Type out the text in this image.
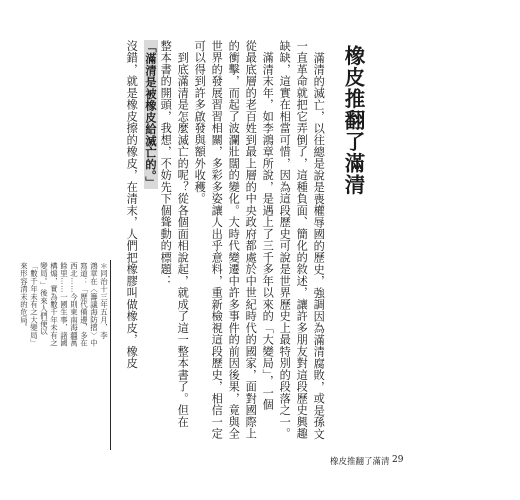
橡皮推翻了滿清
滿清的滅亡，以往總是說是喪權辱國的歷史，強調因為滿清腐敗，或是孫文
一直革命就把它弄倒了，這種負面、簡化的敘述，讓許多朋友對這段歷史興趣
缺缺，這實在相當可惜，因為這段歷史可說是世界歷史上最特別的段落之一。
　滿清末年，如李鴻章所說，是遇上了三千多年以來的「大變局」，一個
從最底層的老百姓到最上層的中央政府都處於中世紀時代的國家，面對國際上
的衝擊，而起了波瀾壯闊的變化。大時代變遷中許多事件的前因後果，竟與全
世界的發展習習相關，多彩多姿讓人出乎意料，重新檢視這段歷史，相信一定
可以得到許多啟發與額外收穫。
　到底滿清是怎麼滅亡的呢？從各個面相說起，就成了這一整本書了。但在
整本書的開頭，我想，不妨先下個聳動的標題：
「滿清是被橡皮給滅亡的。」
沒錯，就是橡皮擦的橡皮，在清末，人們把橡膠叫做橡皮，橡皮
＊同治十三年五月，李
鴻章在〈籌議海防摺〉中
寫道：「歷代備邊，多在
西北……今則東南海疆萬
餘里……一國生事，諸國
構煽，實為數千年未有之
變局。」後來人們便以
「數千年未有之大變局」
來形容清末的危局。
橡皮推翻了滿清 29
